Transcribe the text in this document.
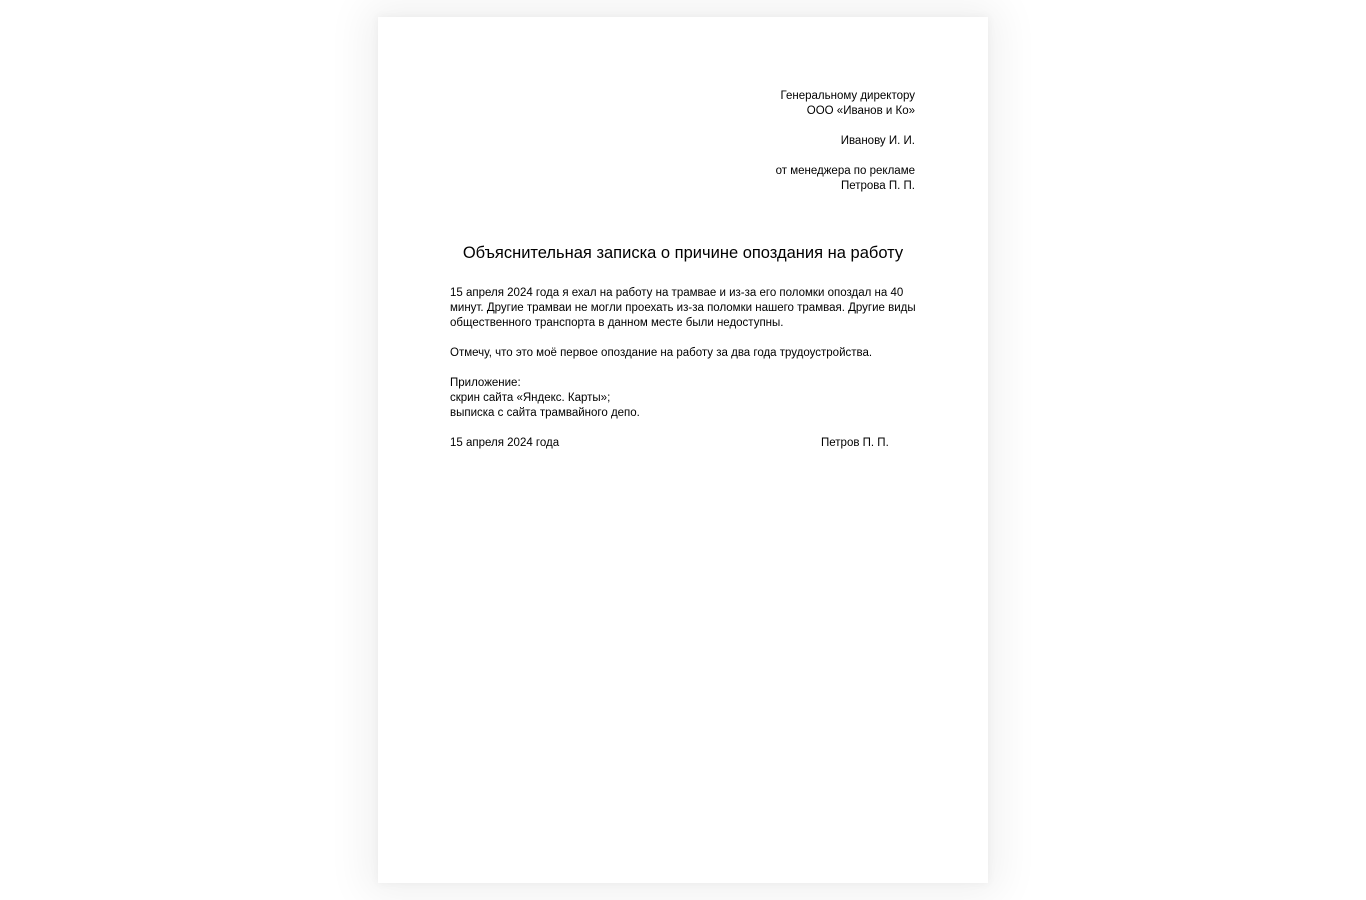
Генеральному директору
ООО «Иванов и Ко»
Иванову И. И.
от менеджера по рекламе
Петрова П. П.
Объяснительная записка о причине опоздания на работу

15 апреля 2024 года я ехал на работу на трамвае и из-за его поломки опоздал на 40

минут. Другие трамваи не могли проехать из-за поломки нашего трамвая. Другие виды

общественного транспорта в данном месте были недоступны.

Отмечу, что это моё первое опоздание на работу за два года трудоустройства.

Приложение:

скрин сайта «Яндекс. Карты»;

выписка с сайта трамвайного депо.

15 апреля 2024 года	Петров П. П.
